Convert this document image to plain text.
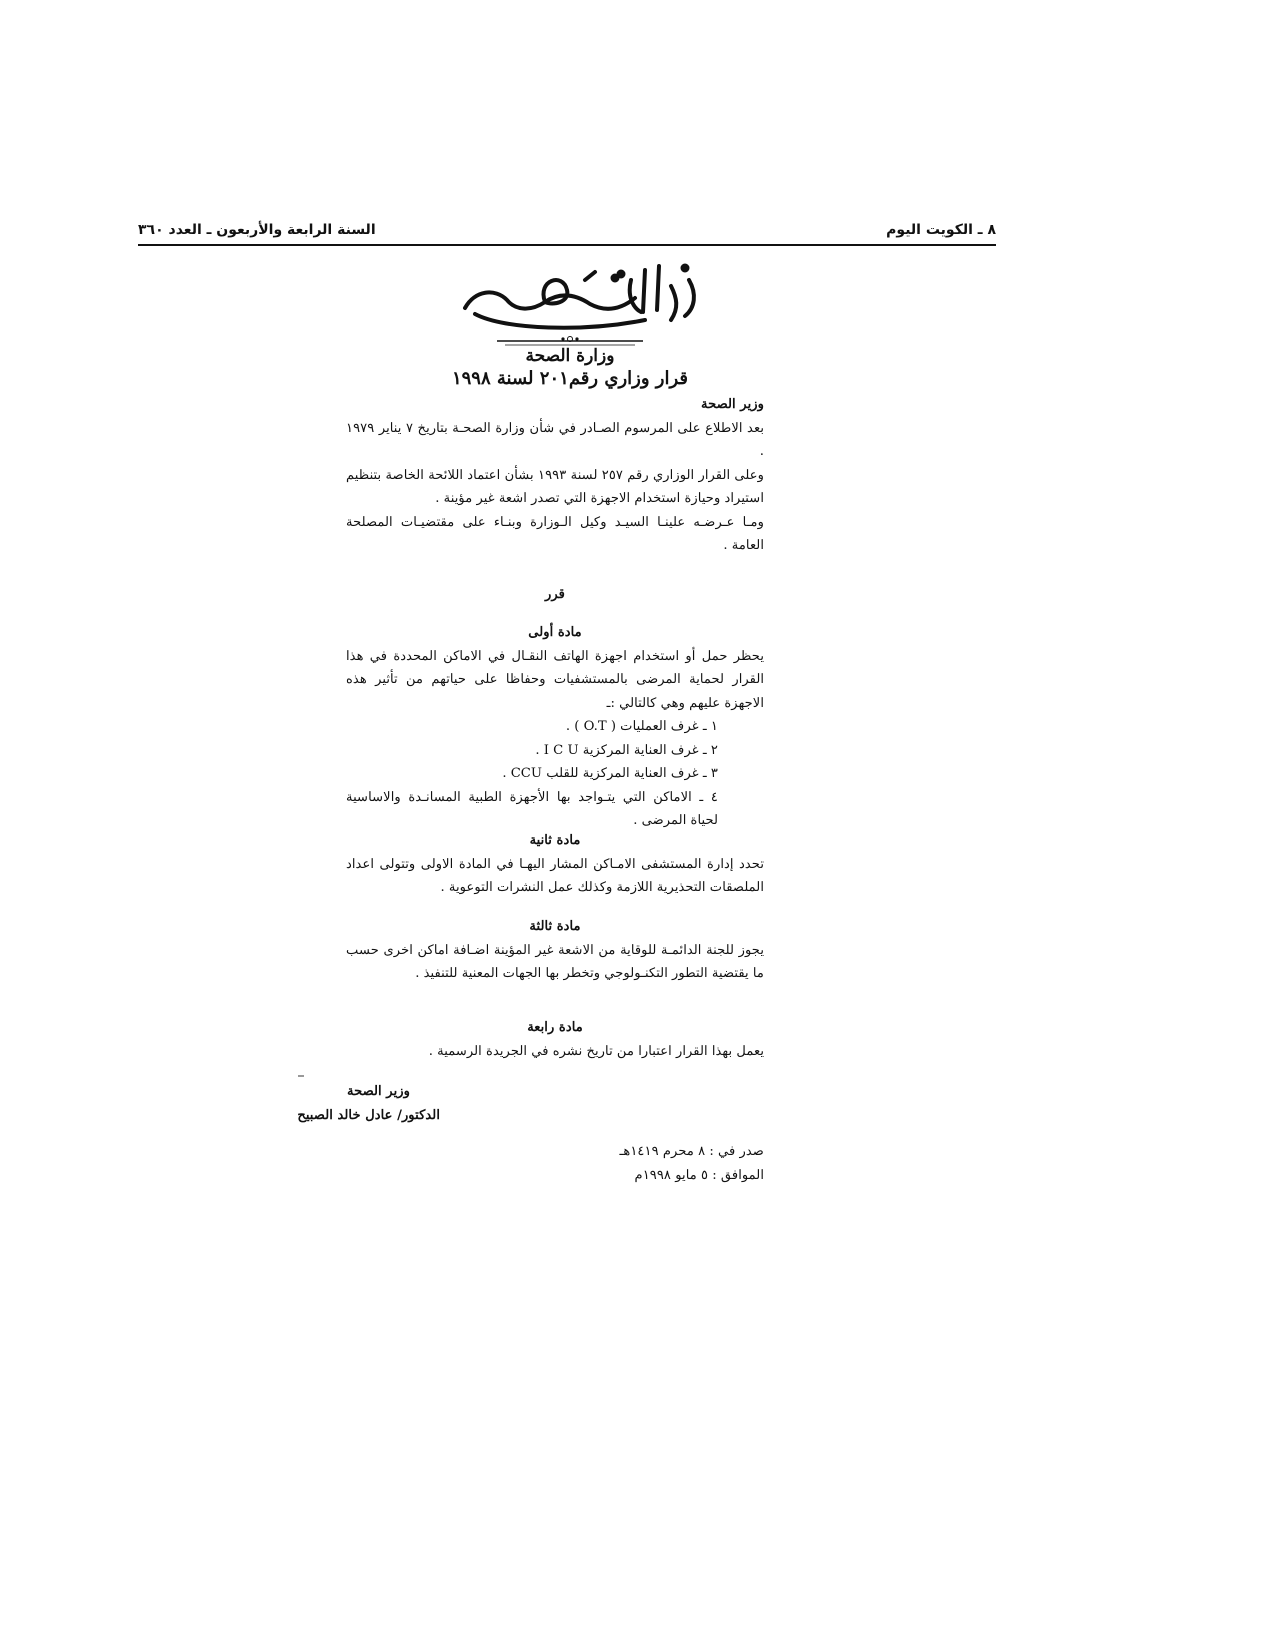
٨ ـ الكويت اليوم
السنة الرابعة والأربعون ـ العدد ٣٦٠
وزارة الصحة
قرار وزاري رقم٢٠١ لسنة ١٩٩٨

وزير الصحة

بعد الاطلاع على المرسوم الصـادر في شأن وزارة الصحـة بتاريخ ٧ يناير ١٩٧٩ .

وعلى القرار الوزاري رقم ٢٥٧ لسنة ١٩٩٣ بشأن اعتماد اللائحة الخاصة بتنظيم استيراد وحيازة استخدام الاجهزة التي تصدر اشعة غير مؤينة .

ومـا عـرضـه علينـا السيـد وكيل الـوزارة وبنـاء على مقتضيـات المصلحة العامة .

قرر

مادة أولى

يحظر حمل أو استخدام اجهزة الهاتف النقـال في الاماكن المحددة في هذا القرار لحماية المرضى بالمستشفيات وحفاظا على حياتهم من تأثير هذه الاجهزة عليهم وهي كالتالي :ـ

١ ـ غرف العمليات ( O.T ) .

٢ ـ غرف العناية المركزية I C U .

٣ ـ غرف العناية المركزية للقلب CCU .

٤ ـ الاماكن التي يتـواجد بها الأجهزة الطبية المسانـدة والاساسية لحياة المرضى .

مادة ثانية

تحدد إدارة المستشفى الامـاكن المشار اليهـا في المادة الاولى وتتولى اعداد الملصقات التحذيرية اللازمة وكذلك عمل النشرات التوعوية .

مادة ثالثة

يجوز للجنة الدائمـة للوقاية من الاشعة غير المؤينة اضـافة اماكن اخرى حسب ما يقتضية التطور التكنـولوجي وتخطر بها الجهات المعنية للتنفيذ .

مادة رابعة

يعمل بهذا القرار اعتبارا من تاريخ نشره في الجريدة الرسمية .

وزير الصحة
الدكتور/ عادل خالد الصبيح
صدر في : ٨ محرم ١٤١٩هـ
الموافق : ٥ مايو ١٩٩٨م
